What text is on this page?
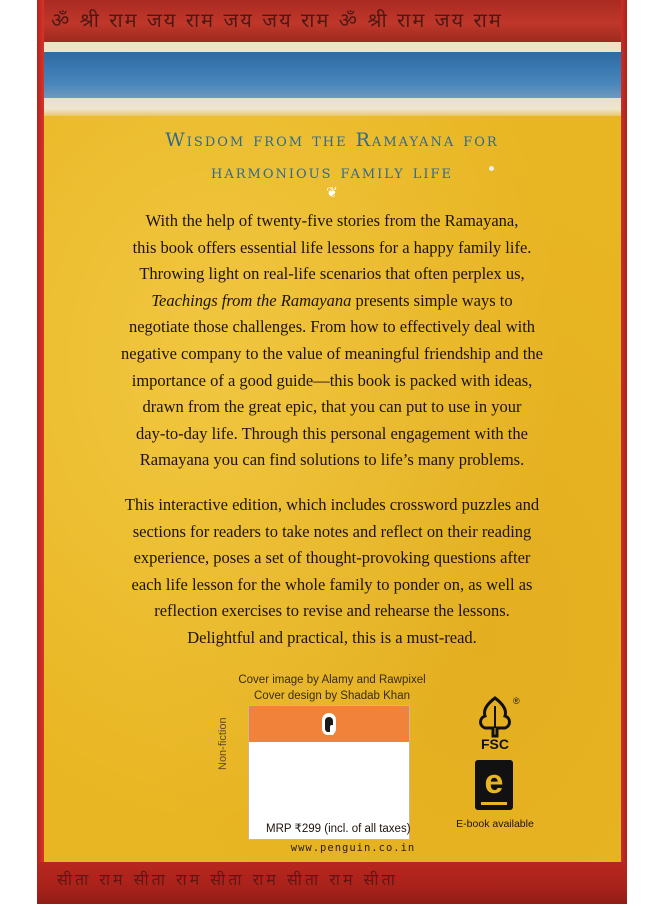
ॐ श्री राम जय राम जय जय राम ॐ श्री राम जय राम
Wisdom from the Ramayana for
harmonious family life
❦
With the help of twenty-five stories from the Ramayana,
this book offers essential life lessons for a happy family life.
Throwing light on real-life scenarios that often perplex us,
Teachings from the Ramayana presents simple ways to
negotiate those challenges. From how to effectively deal with
negative company to the value of meaningful friendship and the
importance of a good guide—this book is packed with ideas,
drawn from the great epic, that you can put to use in your
day-to-day life. Through this personal engagement with the
Ramayana you can find solutions to life’s many problems.
This interactive edition, which includes crossword puzzles and
sections for readers to take notes and reflect on their reading
experience, poses a set of thought-provoking questions after
each life lesson for the whole family to ponder on, as well as
reflection exercises to revise and rehearse the lessons.
Delightful and practical, this is a must-read.
Cover image by Alamy and Rawpixel
Cover design by Shadab Khan
Non-fiction
MRP ₹299 (incl. of all taxes)
www.penguin.co.in
®
FSC
e
E-book available
सीता राम सीता राम सीता राम सीता राम सीता
